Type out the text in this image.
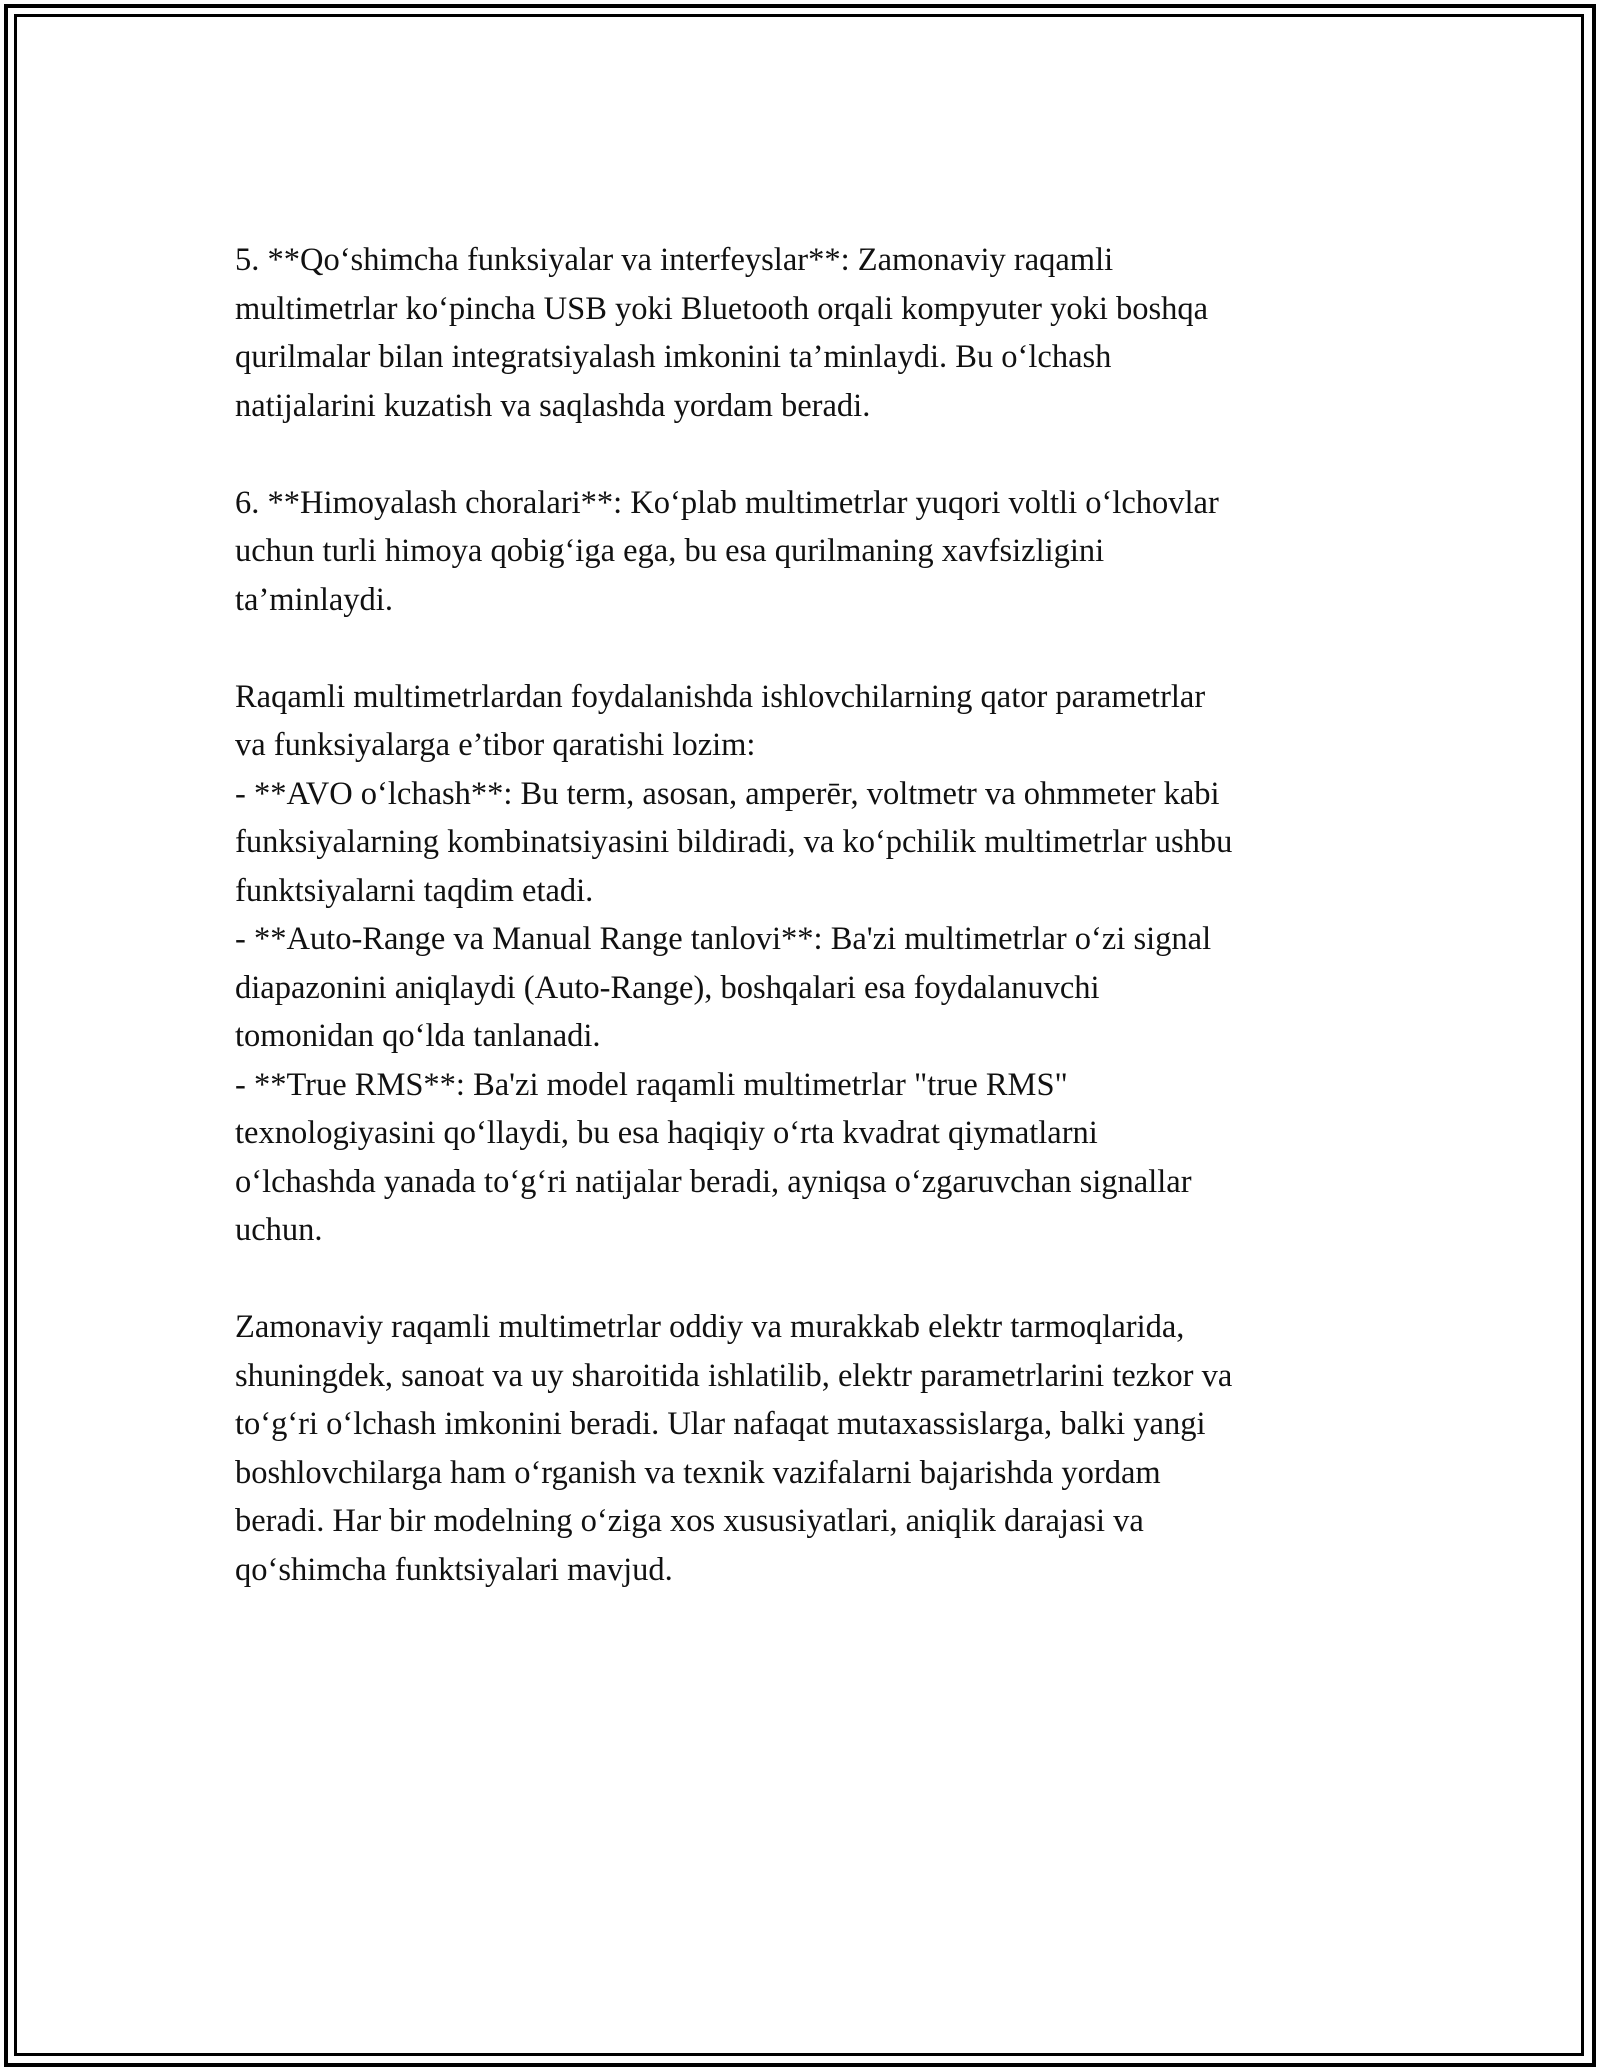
5. **Qo‘shimcha funksiyalar va interfeyslar**: Zamonaviy raqamli
multimetrlar ko‘pincha USB yoki Bluetooth orqali kompyuter yoki boshqa
qurilmalar bilan integratsiyalash imkonini ta’minlaydi. Bu o‘lchash
natijalarini kuzatish va saqlashda yordam beradi.
6. **Himoyalash choralari**: Ko‘plab multimetrlar yuqori voltli o‘lchovlar
uchun turli himoya qobig‘iga ega, bu esa qurilmaning xavfsizligini
ta’minlaydi.
Raqamli multimetrlardan foydalanishda ishlovchilarning qator parametrlar
va funksiyalarga e’tibor qaratishi lozim:
- **AVO o‘lchash**: Bu term, asosan, amperēr, voltmetr va ohmmeter kabi
funksiyalarning kombinatsiyasini bildiradi, va ko‘pchilik multimetrlar ushbu
funktsiyalarni taqdim etadi.
- **Auto-Range va Manual Range tanlovi**: Ba'zi multimetrlar o‘zi signal
diapazonini aniqlaydi (Auto-Range), boshqalari esa foydalanuvchi
tomonidan qo‘lda tanlanadi.
- **True RMS**: Ba'zi model raqamli multimetrlar "true RMS"
texnologiyasini qo‘llaydi, bu esa haqiqiy o‘rta kvadrat qiymatlarni
o‘lchashda yanada to‘g‘ri natijalar beradi, ayniqsa o‘zgaruvchan signallar
uchun.
Zamonaviy raqamli multimetrlar oddiy va murakkab elektr tarmoqlarida,
shuningdek, sanoat va uy sharoitida ishlatilib, elektr parametrlarini tezkor va
to‘g‘ri o‘lchash imkonini beradi. Ular nafaqat mutaxassislarga, balki yangi
boshlovchilarga ham o‘rganish va texnik vazifalarni bajarishda yordam
beradi. Har bir modelning o‘ziga xos xususiyatlari, aniqlik darajasi va
qo‘shimcha funktsiyalari mavjud.
